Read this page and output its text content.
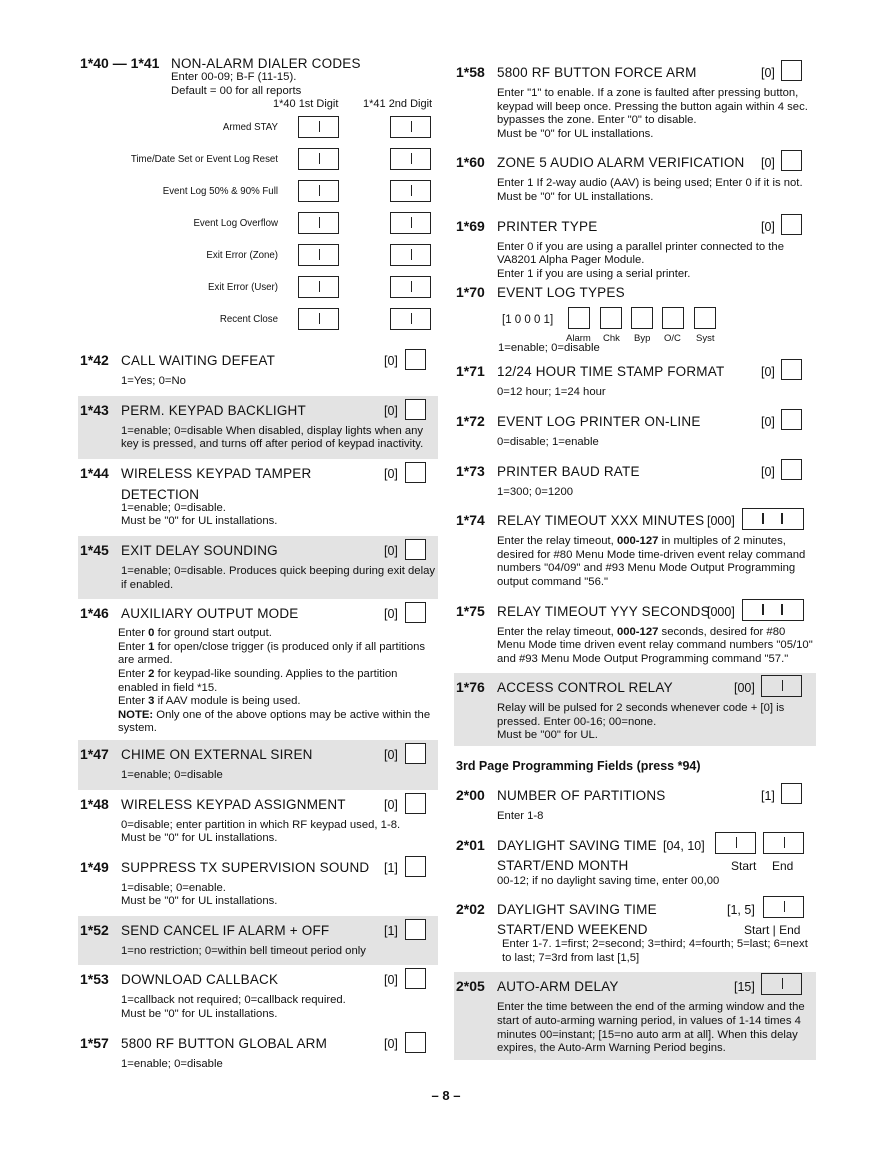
1*40 — 1*41 NON-ALARM DIALER CODES
Enter 00-09; B-F (11-15).
Default = 00 for all reports
1*40 1st Digit 1*41 2nd Digit
Armed STAY
Time/Date Set or Event Log Reset
Event Log 50% & 90% Full
Event Log Overflow
Exit Error (Zone)
Exit Error (User)
Recent Close
1*42 CALL WAITING DEFEAT	[0]
1=Yes; 0=No
1*43 PERM. KEYPAD BACKLIGHT	[0]
1=enable; 0=disable When disabled, display lights when any key is pressed, and turns off after period of keypad inactivity.
1*44 WIRELESS KEYPAD TAMPER	[0]
DETECTION
1=enable; 0=disable.
Must be "0" for UL installations.
1*45 EXIT DELAY SOUNDING	[0]
1=enable; 0=disable. Produces quick beeping during exit delay if enabled.
1*46 AUXILIARY OUTPUT MODE	[0]
Enter 0 for ground start output.
Enter 1 for open/close trigger (is produced only if all partitions are armed.
Enter 2 for keypad-like sounding. Applies to the partition enabled in field *15.
Enter 3 if AAV module is being used.
NOTE: Only one of the above options may be active within the system.
1*47 CHIME ON EXTERNAL SIREN	[0]
1=enable; 0=disable
1*48 WIRELESS KEYPAD ASSIGNMENT	[0]
0=disable; enter partition in which RF keypad used, 1-8.
Must be "0" for UL installations.
1*49 SUPPRESS TX SUPERVISION SOUND [1]
1=disable; 0=enable.
Must be "0" for UL installations.
1*52 SEND CANCEL IF ALARM + OFF	[1]
1=no restriction; 0=within bell timeout period only
1*53 DOWNLOAD CALLBACK	[0]
1=callback not required; 0=callback required.
Must be "0" for UL installations.
1*57 5800 RF BUTTON GLOBAL ARM	[0]
1=enable; 0=disable
1*58 5800 RF BUTTON FORCE ARM	[0]
Enter "1" to enable. If a zone is faulted after pressing button, keypad will beep once. Pressing the button again within 4 sec. bypasses the zone. Enter "0" to disable.
Must be "0" for UL installations.
1*60 ZONE 5 AUDIO ALARM VERIFICATION [0]
Enter 1 If 2-way audio (AAV) is being used; Enter 0 if it is not.
Must be "0" for UL installations.
1*69 PRINTER TYPE	[0]
Enter 0 if you are using a parallel printer connected to the VA8201 Alpha Pager Module.
Enter 1 if you are using a serial printer.
1*70 EVENT LOG TYPES
[1 0 0 0 1]
Alarm Chk Byp O/C Syst
1=enable; 0=disable
1*71 12/24 HOUR TIME STAMP FORMAT	[0]
0=12 hour; 1=24 hour
1*72 EVENT LOG PRINTER ON-LINE	[0]
0=disable; 1=enable
1*73 PRINTER BAUD RATE	[0]
1=300; 0=1200
1*74 RELAY TIMEOUT XXX MINUTES [000]
Enter the relay timeout, 000-127 in multiples of 2 minutes, desired for #80 Menu Mode time-driven event relay command numbers "04/09" and #93 Menu Mode Output Programming output command "56."
1*75 RELAY TIMEOUT YYY SECONDS
[000]
Enter the relay timeout, 000-127 seconds, desired for #80 Menu Mode time driven event relay command numbers "05/10" and #93 Menu Mode Output Programming command "57."
1*76 ACCESS CONTROL RELAY	[00]
Relay will be pulsed for 2 seconds whenever code + [0] is pressed. Enter 00-16; 00=none.
Must be "00" for UL.
3rd Page Programming Fields (press *94)
2*00 NUMBER OF PARTITIONS	[1]
Enter 1-8
2*01 DAYLIGHT SAVING TIME [04, 10]
START/END MONTH	Start End
00-12; if no daylight saving time, enter 00,00
2*02 DAYLIGHT SAVING TIME	[1, 5]
START/END WEEKEND	Start | End
Enter 1-7. 1=first; 2=second; 3=third; 4=fourth; 5=last; 6=next to last; 7=3rd from last [1,5]
2*05 AUTO-ARM DELAY	[15]
Enter the time between the end of the arming window and the start of auto-arming warning period, in values of 1-14 times 4 minutes 00=instant; [15=no auto arm at all]. When this delay expires, the Auto-Arm Warning Period begins.
– 8 –
